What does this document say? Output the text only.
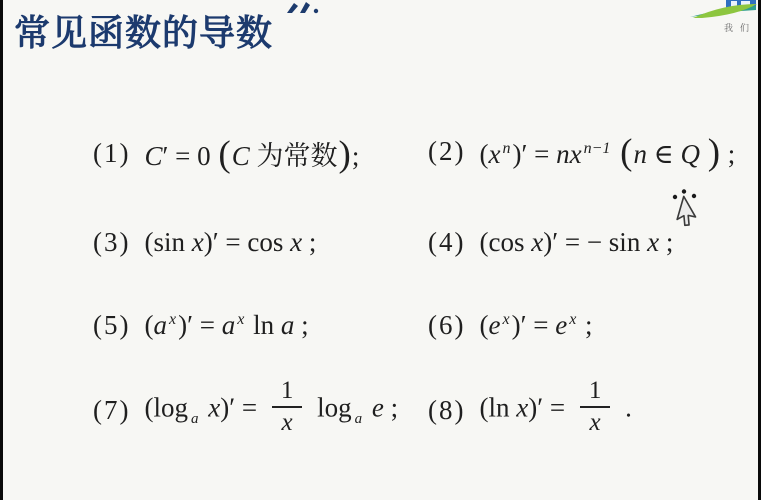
常见函数的导数	我们
(1) C′ = 0 (C 为常数);	(2) (x $^n$)′ = nx $^{n-1}$ (n ∈ Q ) ;
(3) (sin x)′ = cos x ;	(4) (cos x)′ = − sin x ;
(5) (a $^x$)′ = a $^x$ ln a ;	(6) (e $^x$)′ = e $^x$ ;
(7) (log $_a$ $x)' = \frac{1}{x}$ log $_a$ e ; (8) (ln $x)' = \frac{1}{x}$ .
